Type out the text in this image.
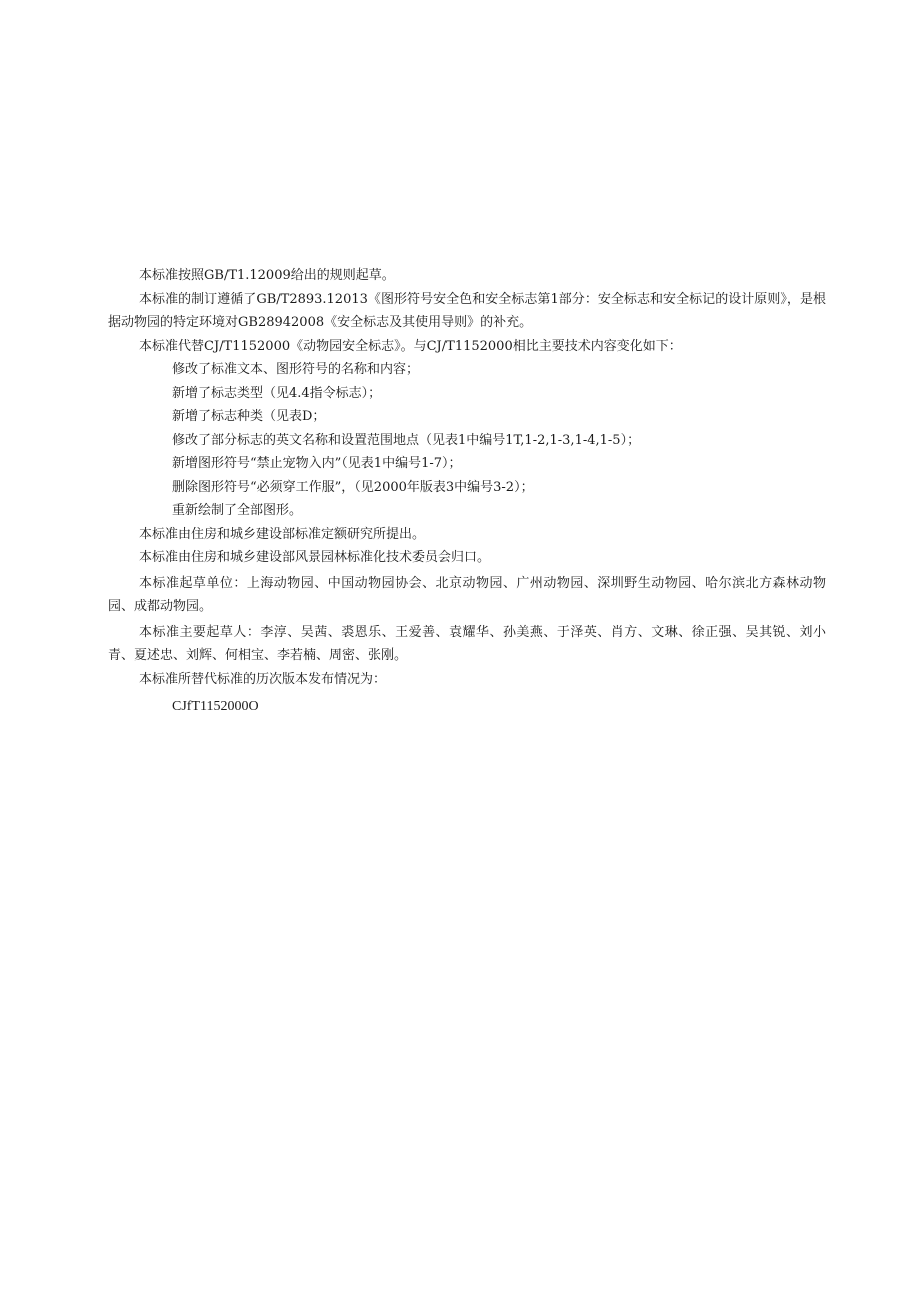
本标准按照GB/T1.12009给出的规则起草。

本标准的制订遵循了GB/T2893.12013《图形符号安全色和安全标志第1部分：安全标志和安全标记的设计原则》，是根据动物园的特定环境对GB28942008《安全标志及其使用导则》的补充。

本标准代替CJ/T1152000《动物园安全标志》。与CJ/T1152000相比主要技术内容变化如下：

修改了标准文本、图形符号的名称和内容；

新增了标志类型（见4.4指令标志）；

新增了标志种类（见表D；

修改了部分标志的英文名称和设置范围地点（见表1中编号1T,1-2,1-3,1-4,1-5）；

新增图形符号“禁止宠物入内”（见表1中编号1-7）；

删除图形符号“必须穿工作服”，（见2000年版表3中编号3-2）；

重新绘制了全部图形。

本标准由住房和城乡建设部标准定额研究所提出。

本标准由住房和城乡建设部风景园林标准化技术委员会归口。

本标准起草单位：上海动物园、中国动物园协会、北京动物园、广州动物园、深圳野生动物园、哈尔滨北方森林动物园、成都动物园。

本标准主要起草人：李淳、吴茜、裘恩乐、王爱善、袁耀华、孙美燕、于泽英、肖方、文琳、徐正强、吴其锐、刘小青、夏述忠、刘辉、何相宝、李若楠、周密、张刚。

本标准所替代标准的历次版本发布情况为：

CJfT1152000O
